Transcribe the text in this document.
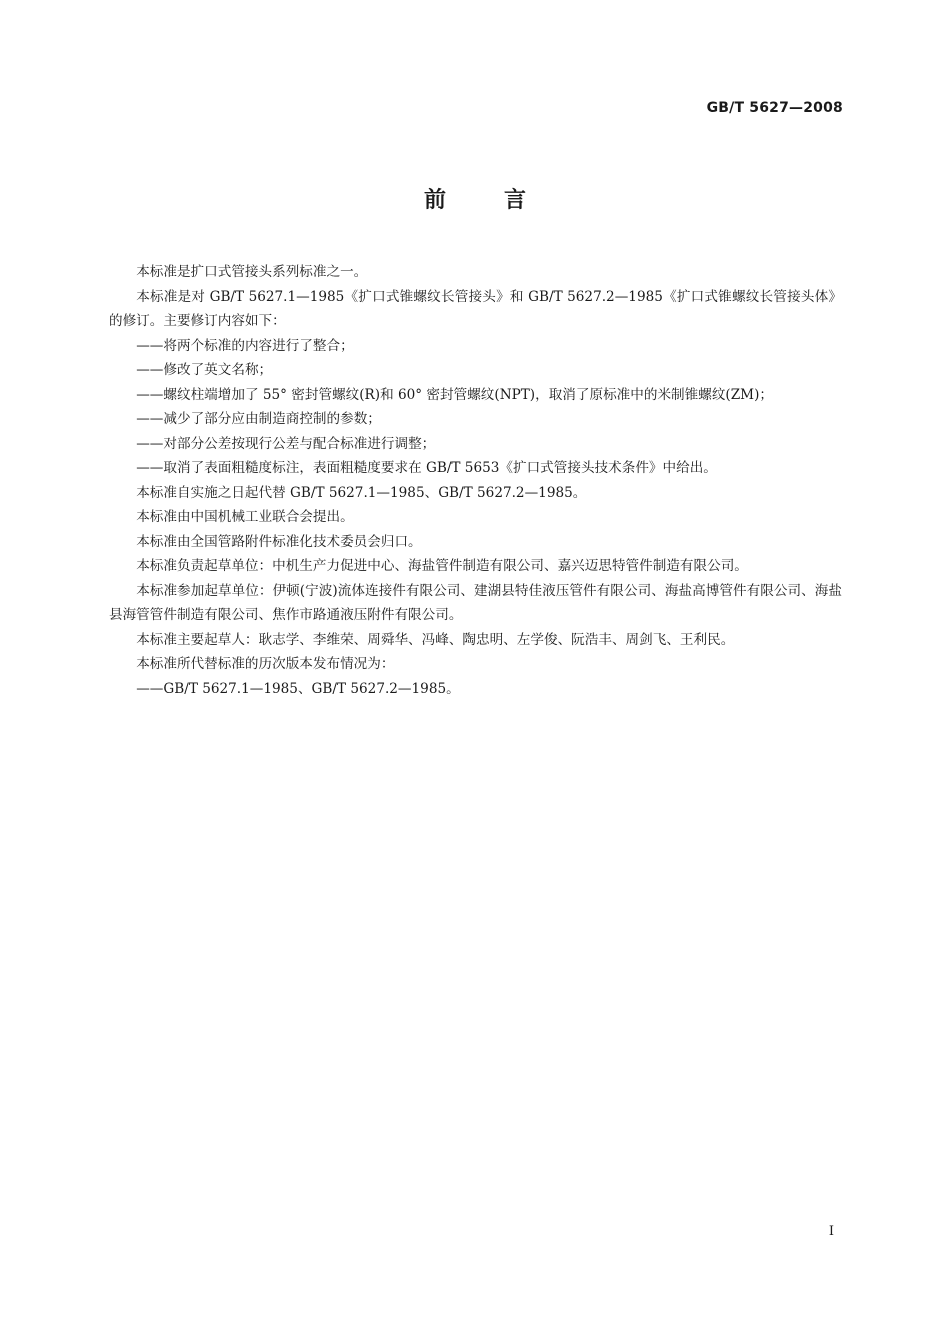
GB/T 5627—2008
前言

本标准是扩口式管接头系列标准之一。

本标准是对 GB/T 5627.1—1985《扩口式锥螺纹长管接头》和 GB/T 5627.2—1985《扩口式锥螺纹长管接头体》的修订。主要修订内容如下：

——将两个标准的内容进行了整合；

——修改了英文名称；

——螺纹柱端增加了 55° 密封管螺纹(R)和 60° 密封管螺纹(NPT)，取消了原标准中的米制锥螺纹(ZM)；

——减少了部分应由制造商控制的参数；

——对部分公差按现行公差与配合标准进行调整；

——取消了表面粗糙度标注，表面粗糙度要求在 GB/T 5653《扩口式管接头技术条件》中给出。

本标准自实施之日起代替 GB/T 5627.1—1985、GB/T 5627.2—1985。

本标准由中国机械工业联合会提出。

本标准由全国管路附件标准化技术委员会归口。

本标准负责起草单位：中机生产力促进中心、海盐管件制造有限公司、嘉兴迈思特管件制造有限公司。

本标准参加起草单位：伊顿(宁波)流体连接件有限公司、建湖县特佳液压管件有限公司、海盐高博管件有限公司、海盐县海管管件制造有限公司、焦作市路通液压附件有限公司。

本标准主要起草人：耿志学、李维荣、周舜华、冯峰、陶忠明、左学俊、阮浩丰、周剑飞、王利民。

本标准所代替标准的历次版本发布情况为：

——GB/T 5627.1—1985、GB/T 5627.2—1985。

I
